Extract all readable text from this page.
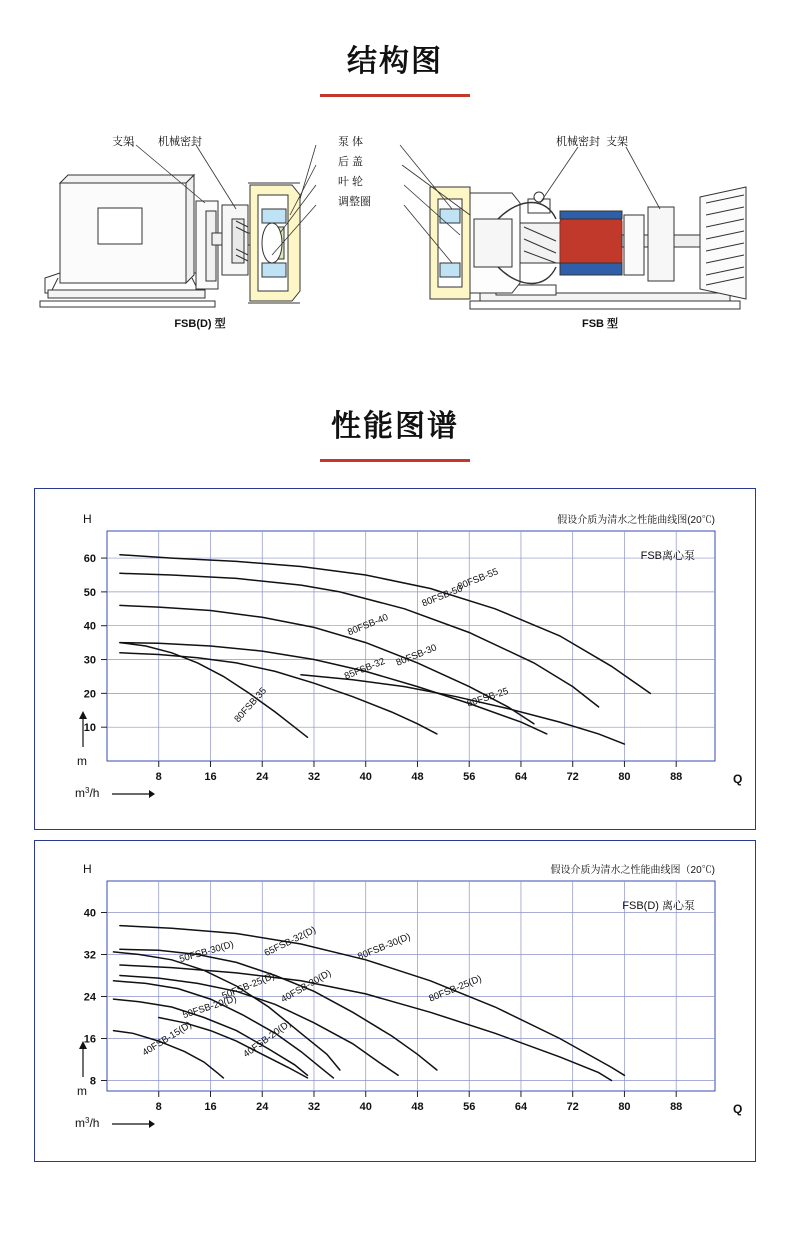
结构图
支架 机械密封	泵 体
后 盖
叶 轮
调整圈
机械密封 支架
FSB(D) 型	FSB 型
性能图谱
8	16	24	32	40	48	56	64	72	80	88
10
20
30
40
50
60
H
m
Q
$m^3/h$
假设介质为清水之性能曲线图(20℃)
FSB离心泵
80FSB-55
80FSB-50
80FSB-40
80FSB-30
85FSB-32
80FSB-35	80FSB-25
8	16	24	32	40	48	56	64	72	80	88
8
16
24
32
40
H
m
Q
$m^3/h$
假设介质为清水之性能曲线图（20℃)
FSB(D) 离心泵
80FSB-30(D)
80FSB-25(D)
65FSB-32(D)
50FSB-30(D)
40FSB-30(D)
50FSB-25(D)
50FSB-20(D)
40FSB-20(D)
40FSB-15(D)
